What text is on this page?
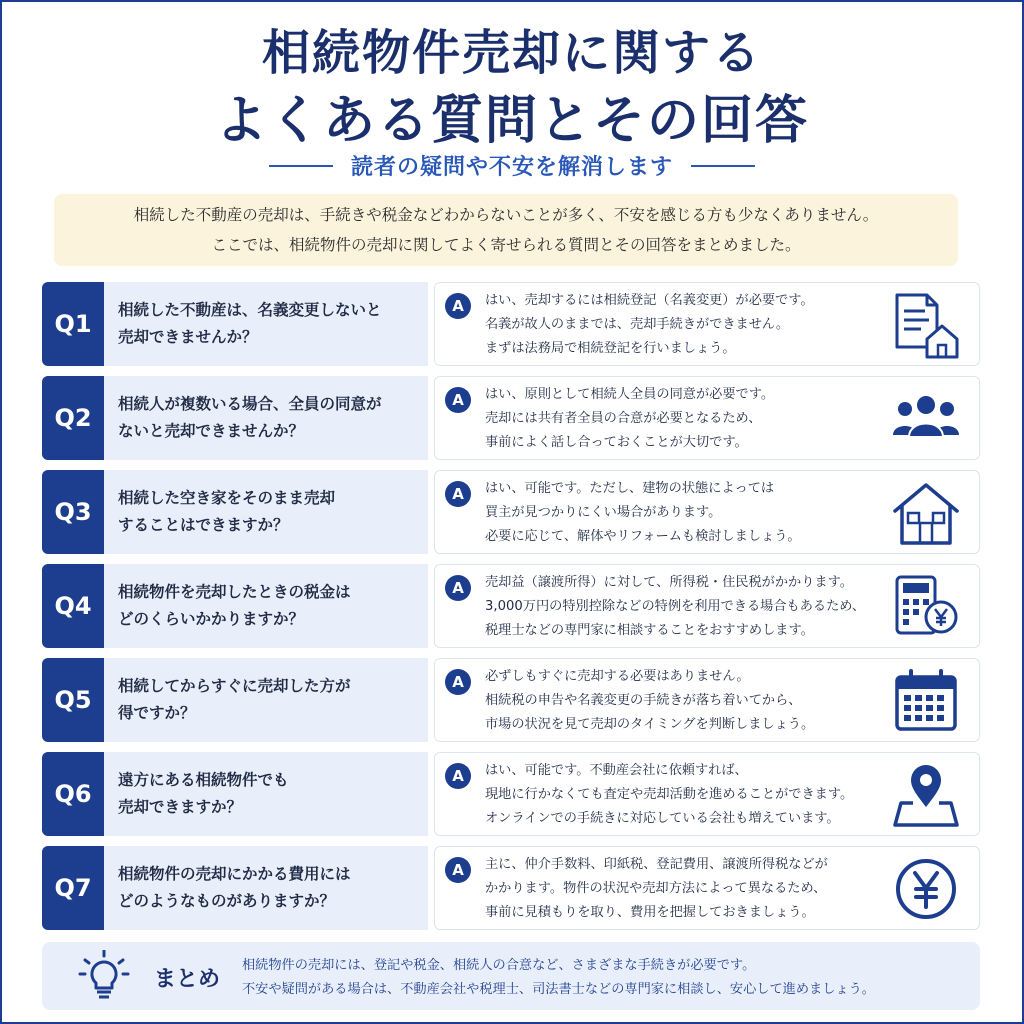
相続物件売却に関する
よくある質問とその回答
読者の疑問や不安を解消します
相続した不動産の売却は、手続きや税金などわからないことが多く、不安を感じる方も少なくありません。
ここでは、相続物件の売却に関してよく寄せられる質問とその回答をまとめました。
Q1	相続した不動産は、名義変更しないと
売却できませんか？
A	はい、売却するには相続登記（名義変更）が必要です。
名義が故人のままでは、売却手続きができません。
まずは法務局で相続登記を行いましょう。
Q2	相続人が複数いる場合、全員の同意が
ないと売却できませんか？
A	はい、原則として相続人全員の同意が必要です。
売却には共有者全員の合意が必要となるため、
事前によく話し合っておくことが大切です。
Q3	相続した空き家をそのまま売却
することはできますか？
A	はい、可能です。ただし、建物の状態によっては
買主が見つかりにくい場合があります。
必要に応じて、解体やリフォームも検討しましょう。
Q4	相続物件を売却したときの税金は
どのくらいかかりますか？
A	売却益（譲渡所得）に対して、所得税・住民税がかかります。
3,000万円の特別控除などの特例を利用できる場合もあるため、
税理士などの専門家に相談することをおすすめします。
Q5	相続してからすぐに売却した方が
得ですか？
A	必ずしもすぐに売却する必要はありません。
相続税の申告や名義変更の手続きが落ち着いてから、
市場の状況を見て売却のタイミングを判断しましょう。
Q6	遠方にある相続物件でも
売却できますか？
A	はい、可能です。不動産会社に依頼すれば、
現地に行かなくても査定や売却活動を進めることができます。
オンラインでの手続きに対応している会社も増えています。
Q7	相続物件の売却にかかる費用には
どのようなものがありますか？
A	主に、仲介手数料、印紙税、登記費用、譲渡所得税などが
かかります。物件の状況や売却方法によって異なるため、
事前に見積もりを取り、費用を把握しておきましょう。
まとめ
相続物件の売却には、登記や税金、相続人の合意など、さまざまな手続きが必要です。
不安や疑問がある場合は、不動産会社や税理士、司法書士などの専門家に相談し、安心して進めましょう。
